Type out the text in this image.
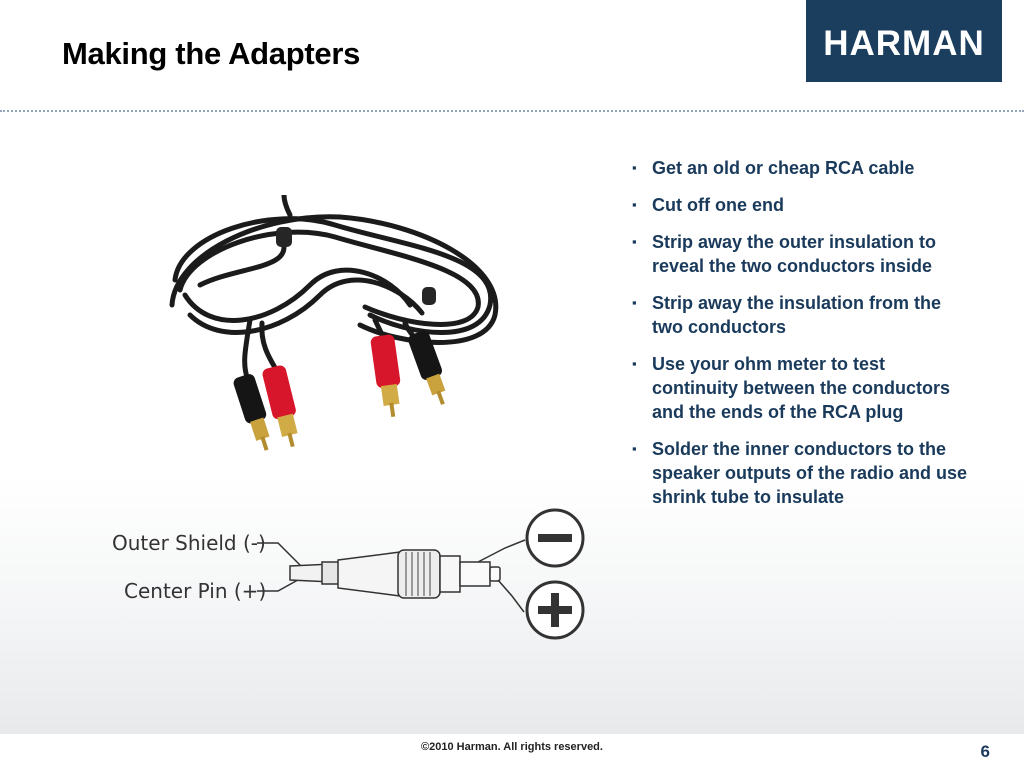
Making the Adapters	HARMAN
Outer Shield (-)
Center Pin (+)
▪ Get an old or cheap RCA cable
▪ Cut off one end
▪ Strip away the outer insulation to reveal the two conductors inside
▪ Strip away the insulation from the two conductors
▪ Use your ohm meter to test continuity between the conductors and the ends of the RCA plug
▪ Solder the inner conductors to the speaker outputs of the radio and use shrink tube to insulate
©2010 Harman. All rights reserved.	6
